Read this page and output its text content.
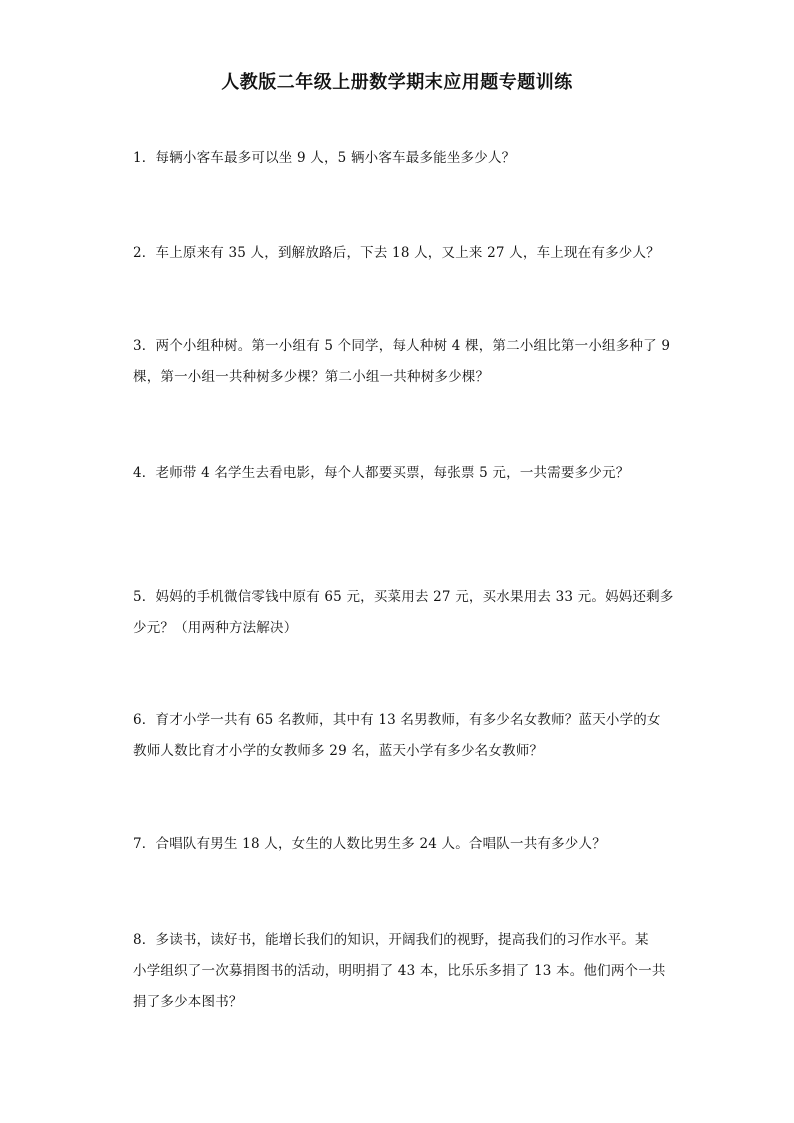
人教版二年级上册数学期末应用题专题训练
1．每辆小客车最多可以坐 9 人，5 辆小客车最多能坐多少人？
2．车上原来有 35 人，到解放路后，下去 18 人，又上来 27 人，车上现在有多少人？
3．两个小组种树。第一小组有 5 个同学，每人种树 4 棵，第二小组比第一小组多种了 9
棵，第一小组一共种树多少棵？第二小组一共种树多少棵？
4．老师带 4 名学生去看电影，每个人都要买票，每张票 5 元，一共需要多少元？
5．妈妈的手机微信零钱中原有 65 元，买菜用去 27 元，买水果用去 33 元。妈妈还剩多
少元？（用两种方法解决）
6．育才小学一共有 65 名教师，其中有 13 名男教师，有多少名女教师？蓝天小学的女
教师人数比育才小学的女教师多 29 名，蓝天小学有多少名女教师？
7．合唱队有男生 18 人，女生的人数比男生多 24 人。合唱队一共有多少人？
8．多读书，读好书，能增长我们的知识，开阔我们的视野，提高我们的习作水平。某
小学组织了一次募捐图书的活动，明明捐了 43 本，比乐乐多捐了 13 本。他们两个一共
捐了多少本图书？
